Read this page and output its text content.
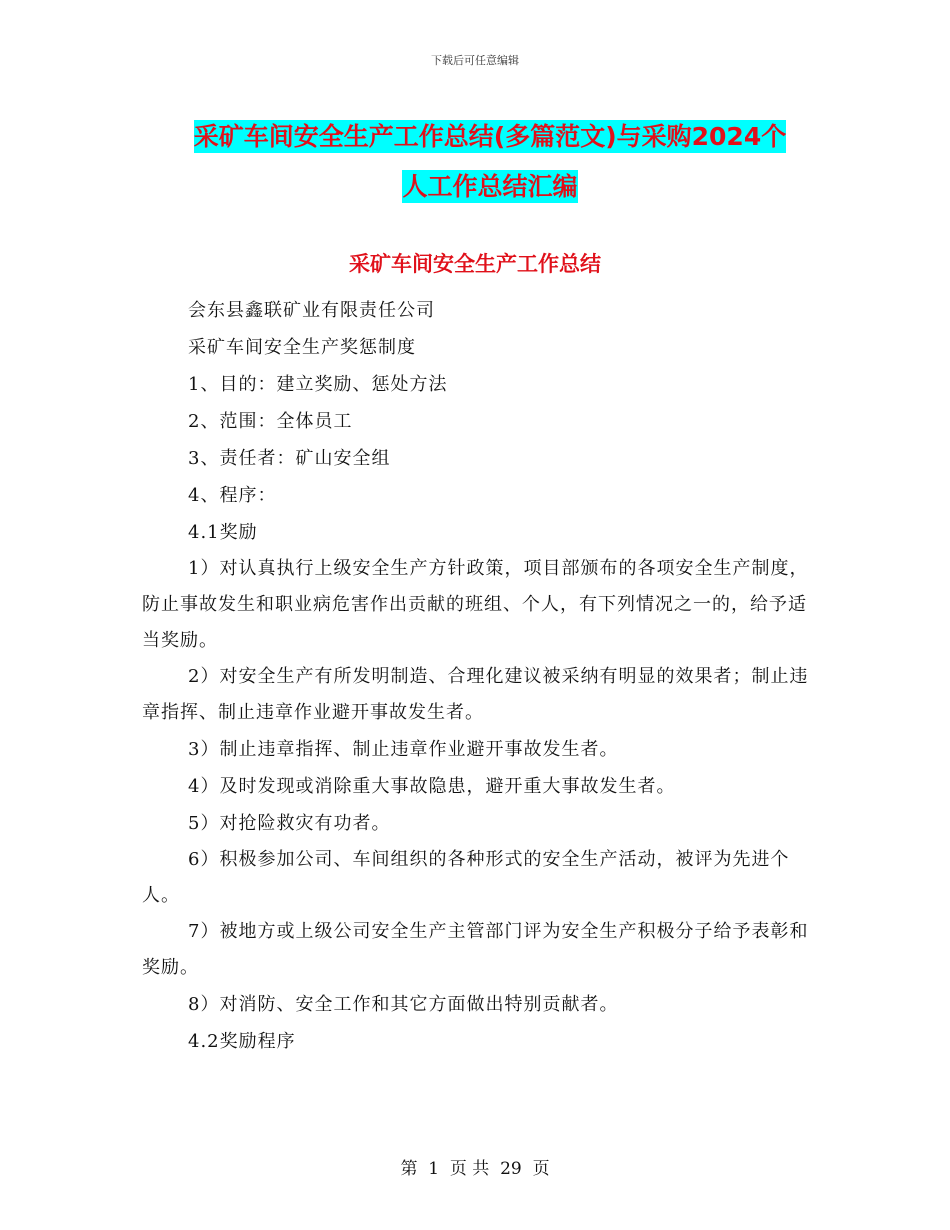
下载后可任意编辑
采矿车间安全生产工作总结(多篇范文)与采购2024个
人工作总结汇编
采矿车间安全生产工作总结

会东县鑫联矿业有限责任公司

采矿车间安全生产奖惩制度

1、目的：建立奖励、惩处方法

2、范围：全体员工

3、责任者：矿山安全组

4、程序：

4.1奖励

1）对认真执行上级安全生产方针政策，项目部颁布的各项安全生产制度，防止事故发生和职业病危害作出贡献的班组、个人，有下列情况之一的，给予适当奖励。

2）对安全生产有所发明制造、合理化建议被采纳有明显的效果者；制止违章指挥、制止违章作业避开事故发生者。

3）制止违章指挥、制止违章作业避开事故发生者。

4）及时发现或消除重大事故隐患，避开重大事故发生者。

5）对抢险救灾有功者。

6）积极参加公司、车间组织的各种形式的安全生产活动，被评为先进个人。

7）被地方或上级公司安全生产主管部门评为安全生产积极分子给予表彰和奖励。

8）对消防、安全工作和其它方面做出特别贡献者。

4.2奖励程序

第 1 页 共 29 页
